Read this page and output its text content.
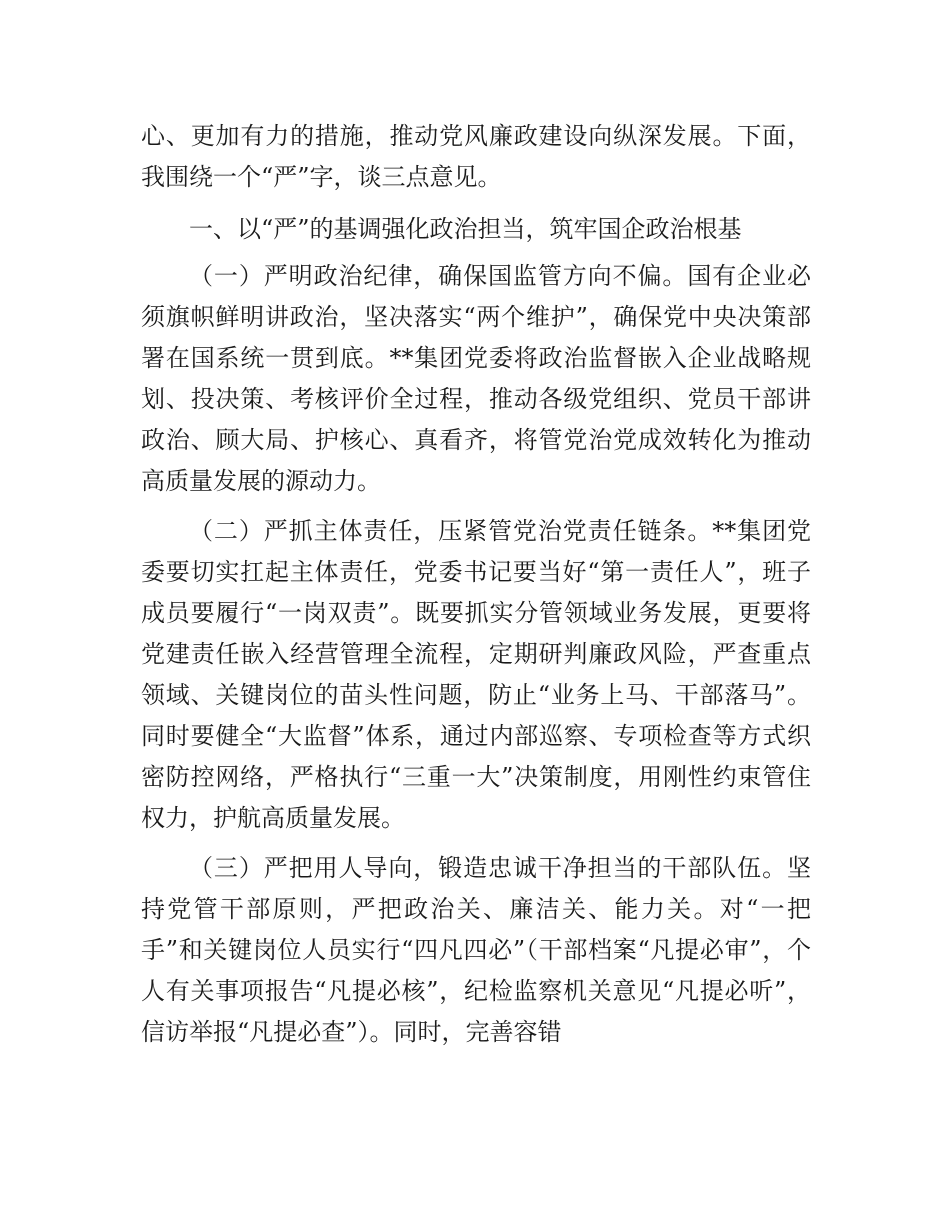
心、更加有力的措施，推动党风廉政建设向纵深发展。下面，我围绕一个“严”字，谈三点意见。

一、以“严”的基调强化政治担当，筑牢国企政治根基

（一）严明政治纪律，确保国监管方向不偏。国有企业必须旗帜鲜明讲政治，坚决落实“两个维护”，确保党中央决策部署在国系统一贯到底。**集团党委将政治监督嵌入企业战略规划、投决策、考核评价全过程，推动各级党组织、党员干部讲政治、顾大局、护核心、真看齐，将管党治党成效转化为推动高质量发展的源动力。

（二）严抓主体责任，压紧管党治党责任链条。**集团党委要切实扛起主体责任，党委书记要当好“第一责任人”，班子成员要履行“一岗双责”。既要抓实分管领域业务发展，更要将党建责任嵌入经营管理全流程，定期研判廉政风险，严查重点领域、关键岗位的苗头性问题，防止“业务上马、干部落马”。同时要健全“大监督”体系，通过内部巡察、专项检查等方式织密防控网络，严格执行“三重一大”决策制度，用刚性约束管住权力，护航高质量发展。

（三）严把用人导向，锻造忠诚干净担当的干部队伍。坚持党管干部原则，严把政治关、廉洁关、能力关。对“一把手”和关键岗位人员实行“四凡四必”（干部档案“凡提必审”，个人有关事项报告“凡提必核”，纪检监察机关意见“凡提必听”，信访举报“凡提必查”）。同时，完善容错
